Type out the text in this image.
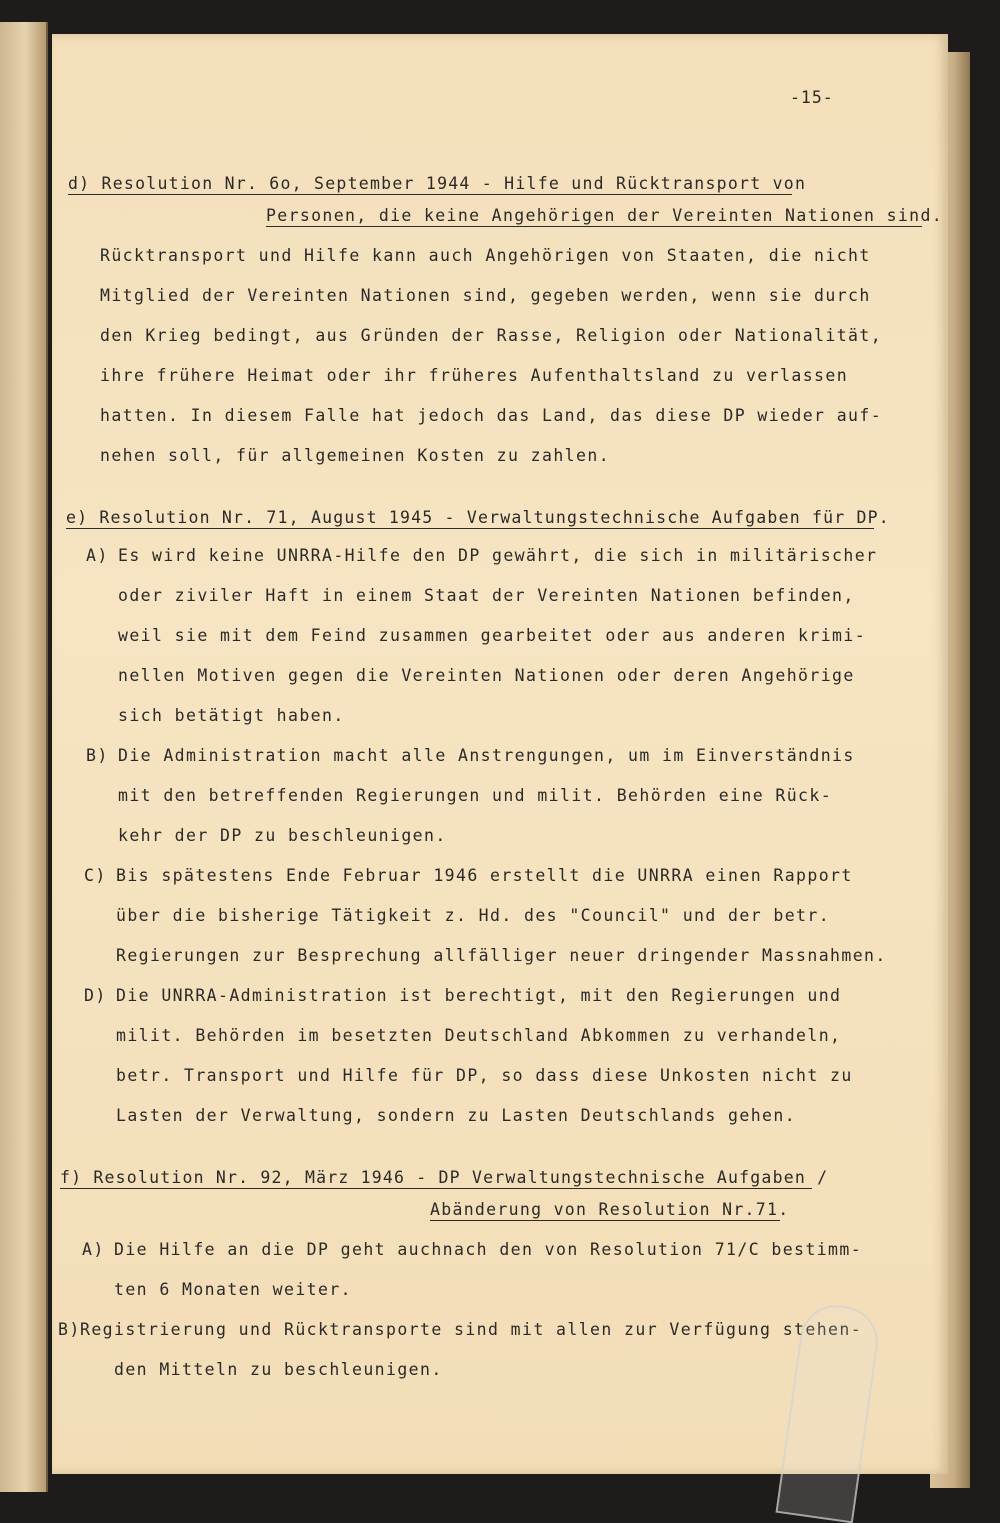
-15-
d) Resolution Nr. 6o, September 1944 - Hilfe und Rücktransport von
Personen, die keine Angehörigen der Vereinten Nationen sind.
Rücktransport und Hilfe kann auch Angehörigen von Staaten, die nicht
Mitglied der Vereinten Nationen sind, gegeben werden, wenn sie durch
den Krieg bedingt, aus Gründen der Rasse, Religion oder Nationalität,
ihre frühere Heimat oder ihr früheres Aufenthaltsland zu verlassen
hatten. In diesem Falle hat jedoch das Land, das diese DP wieder auf-
nehen soll, für allgemeinen Kosten zu zahlen.
e) Resolution Nr. 71, August 1945 - Verwaltungstechnische Aufgaben für DP.
A) Es wird keine UNRRA-Hilfe den DP gewährt, die sich in militärischer
oder ziviler Haft in einem Staat der Vereinten Nationen befinden,
weil sie mit dem Feind zusammen gearbeitet oder aus anderen krimi-
nellen Motiven gegen die Vereinten Nationen oder deren Angehörige
sich betätigt haben.
B) Die Administration macht alle Anstrengungen, um im Einverständnis
mit den betreffenden Regierungen und milit. Behörden eine Rück-
kehr der DP zu beschleunigen.
C) Bis spätestens Ende Februar 1946 erstellt die UNRRA einen Rapport
über die bisherige Tätigkeit z. Hd. des "Council" und der betr.
Regierungen zur Besprechung allfälliger neuer dringender Massnahmen.
D) Die UNRRA-Administration ist berechtigt, mit den Regierungen und
milit. Behörden im besetzten Deutschland Abkommen zu verhandeln,
betr. Transport und Hilfe für DP, so dass diese Unkosten nicht zu
Lasten der Verwaltung, sondern zu Lasten Deutschlands gehen.
f) Resolution Nr. 92, März 1946 - DP Verwaltungstechnische Aufgaben /
Abänderung von Resolution Nr.71.
A) Die Hilfe an die DP geht auchnach den von Resolution 71/C bestimm-
ten 6 Monaten weiter.
B) Registrierung und Rücktransporte sind mit allen zur Verfügung stehen-
den Mitteln zu beschleunigen.
